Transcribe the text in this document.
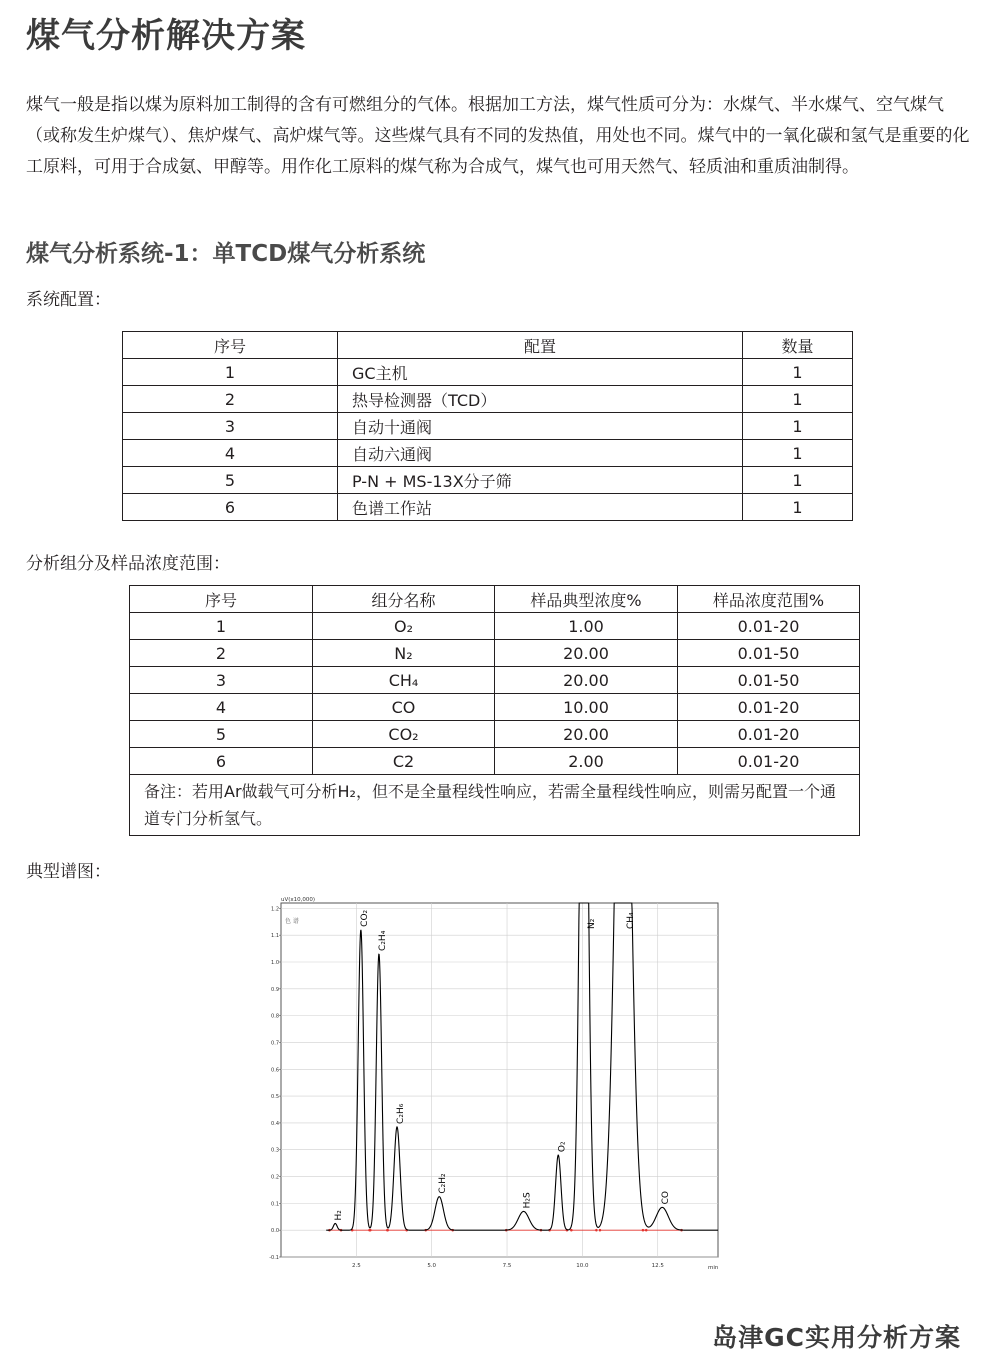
煤气分析解决方案

煤气一般是指以煤为原料加工制得的含有可燃组分的气体。根据加工方法，煤气性质可分为：水煤气、半水煤气、空气煤气（或称发生炉煤气）、焦炉煤气、高炉煤气等。这些煤气具有不同的发热值，用处也不同。煤气中的一氧化碳和氢气是重要的化工原料，可用于合成氨、甲醇等。用作化工原料的煤气称为合成气，煤气也可用天然气、轻质油和重质油制得。

煤气分析系统-1：单TCD煤气分析系统

系统配置：

序号	配置	数量
1	GC主机	1
2	热导检测器（TCD）	1
3	自动十通阀	1
4	自动六通阀	1
5	P-N + MS-13X分子筛	1
6	色谱工作站	1

分析组分及样品浓度范围：

序号	组分名称	样品典型浓度%	样品浓度范围%
1	O₂	1.00	0.01-20
2	N₂	20.00	0.01-50
3	CH₄	20.00	0.01-50
4	CO	10.00	0.01-20
5	CO₂	20.00	0.01-20
6	C2	2.00	0.01-20
备注：若用Ar做载气可分析H₂，但不是全量程线性响应，若需全量程线性响应，则需另配置一个通道专门分析氢气。			

典型谱图：

2.5	5.0	7.5	10.0	12.5
1.2
1.1
1.0
0.9
0.8
0.7
0.6
0.5
0.4
0.3
0.2
0.1
0.0
-0.1
uV(x10,000)
色 谱
min
H₂
CO₂
C₂H₄
C₂H₆
C₂H₂
H₂S
O₂
N₂	CH₄
CO

岛津GC实用分析方案
